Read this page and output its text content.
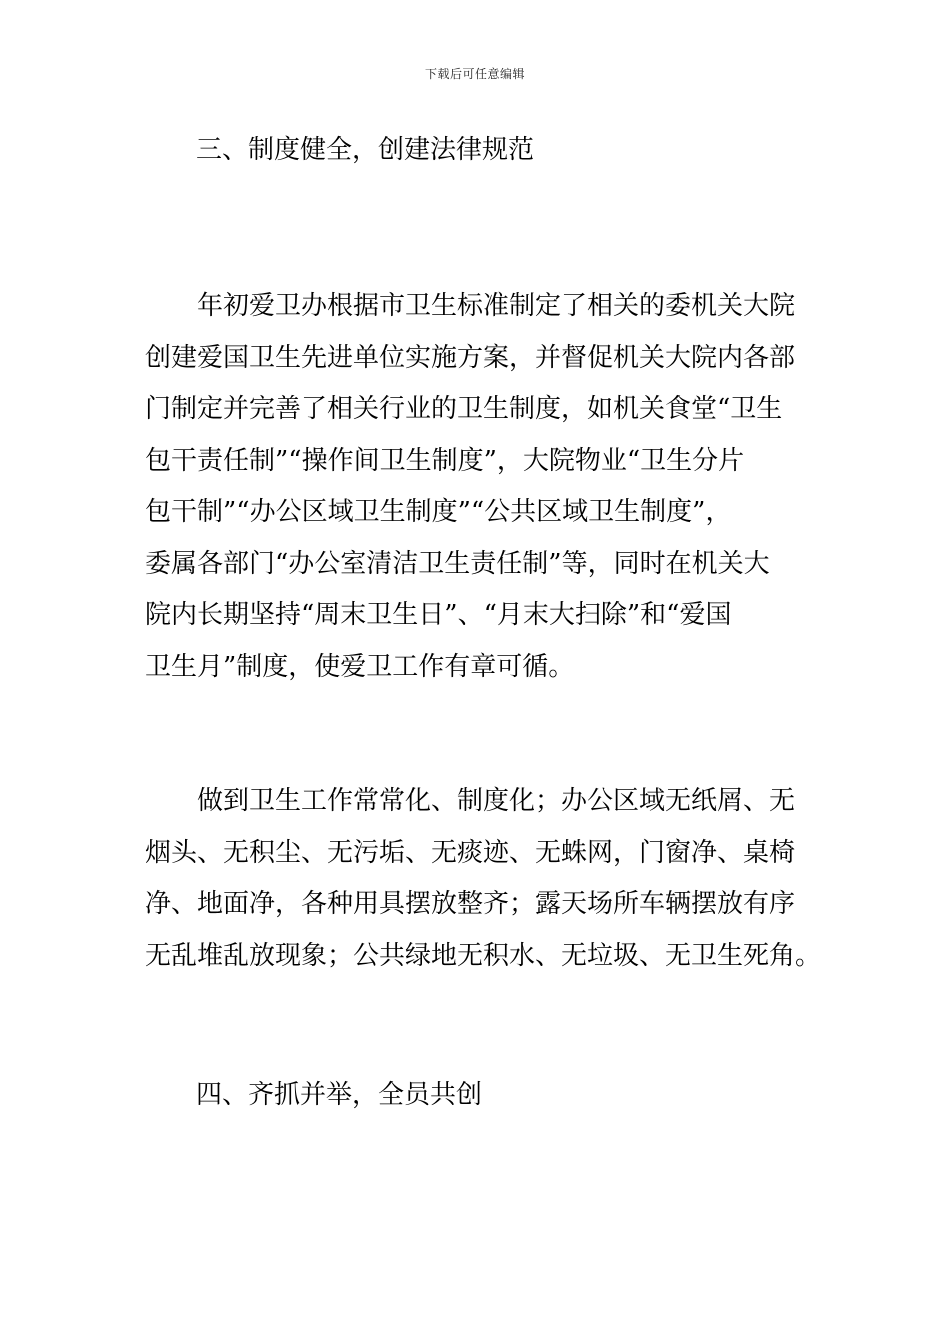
下载后可任意编辑
三、制度健全，创建法律规范
年初爱卫办根据市卫生标准制定了相关的委机关大院
创建爱国卫生先进单位实施方案，并督促机关大院内各部
门制定并完善了相关行业的卫生制度，如机关食堂“卫生
包干责任制”“操作间卫生制度”，大院物业“卫生分片
包干制”“办公区域卫生制度”“公共区域卫生制度”，
委属各部门“办公室清洁卫生责任制”等，同时在机关大
院内长期坚持“周末卫生日”、“月末大扫除”和“爱国
卫生月”制度，使爱卫工作有章可循。
做到卫生工作常常化、制度化；办公区域无纸屑、无
烟头、无积尘、无污垢、无痰迹、无蛛网，门窗净、桌椅
净、地面净，各种用具摆放整齐；露天场所车辆摆放有序
无乱堆乱放现象；公共绿地无积水、无垃圾、无卫生死角。
四、齐抓并举，全员共创
